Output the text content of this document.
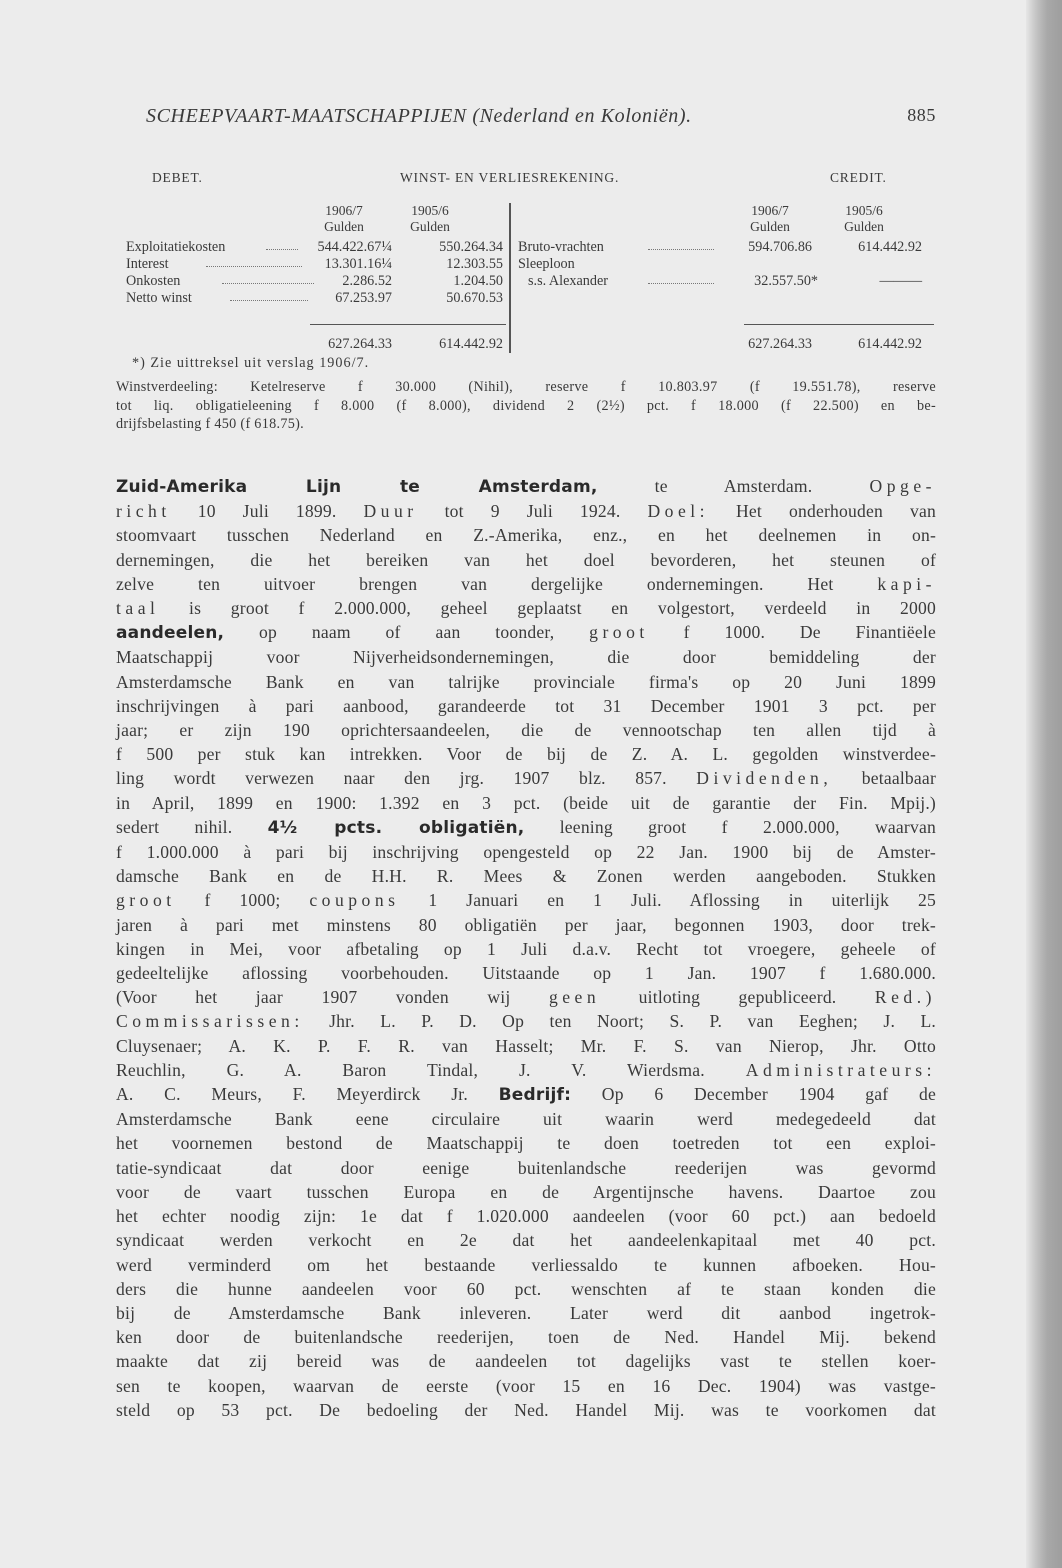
SCHEEPVAART-MAATSCHAPPIJEN (Nederland en Koloniën).	885
DEBET.	WINST- EN VERLIESREKENING.	CREDIT.
1906/7
Gulden
1905/6
Gulden
1906/7
Gulden
1905/6
Gulden
Exploitatiekosten	544.422.67¼	550.264.34
Interest	13.301.16¼	12.303.55
Onkosten	2.286.52	1.204.50
Netto winst	67.253.97	50.670.53
627.264.33	614.442.92
Bruto-vrachten	594.706.86	614.442.92
Sleeploon
s.s. Alexander	32.557.50*	———
627.264.33	614.442.92
*) Zie uittreksel uit verslag 1906/7.
Winstverdeeling: Ketelreserve f 30.000 (Nihil), reserve f 10.803.97 (f 19.551.78), reserve
tot liq. obligatieleening f 8.000 (f 8.000), dividend 2 (2½) pct. f 18.000 (f 22.500) en be-
drijfsbelasting f 450 (f 618.75).
Zuid-Amerika Lijn te Amsterdam, te Amsterdam. Opge-
richt 10 Juli 1899. Duur tot 9 Juli 1924. Doel: Het onderhouden van
stoomvaart tusschen Nederland en Z.-Amerika, enz., en het deelnemen in on-
dernemingen, die het bereiken van het doel bevorderen, het steunen of
zelve ten uitvoer brengen van dergelijke ondernemingen. Het kapi-
taal is groot f 2.000.000, geheel geplaatst en volgestort, verdeeld in 2000
aandeelen, op naam of aan toonder, groot f 1000. De Finantiëele
Maatschappij voor Nijverheidsondernemingen, die door bemiddeling der
Amsterdamsche Bank en van talrijke provinciale firma's op 20 Juni 1899
inschrijvingen à pari aanbood, garandeerde tot 31 December 1901 3 pct. per
jaar; er zijn 190 oprichtersaandeelen, die de vennootschap ten allen tijd à
f 500 per stuk kan intrekken. Voor de bij de Z. A. L. gegolden winstverdee-
ling wordt verwezen naar den jrg. 1907 blz. 857. Dividenden, betaalbaar
in April, 1899 en 1900: 1.392 en 3 pct. (beide uit de garantie der Fin. Mpij.)
sedert nihil. 4½ pcts. obligatiën, leening groot f 2.000.000, waarvan
f 1.000.000 à pari bij inschrijving opengesteld op 22 Jan. 1900 bij de Amster-
damsche Bank en de H.H. R. Mees & Zonen werden aangeboden. Stukken
groot f 1000; coupons 1 Januari en 1 Juli. Aflossing in uiterlijk 25
jaren à pari met minstens 80 obligatiën per jaar, begonnen 1903, door trek-
kingen in Mei, voor afbetaling op 1 Juli d.a.v. Recht tot vroegere, geheele of
gedeeltelijke aflossing voorbehouden. Uitstaande op 1 Jan. 1907 f 1.680.000.
(Voor het jaar 1907 vonden wij geen uitloting gepubliceerd. Red.)
Commissarissen: Jhr. L. P. D. Op ten Noort; S. P. van Eeghen; J. L.
Cluysenaer; A. K. P. F. R. van Hasselt; Mr. F. S. van Nierop, Jhr. Otto
Reuchlin, G. A. Baron Tindal, J. V. Wierdsma. Administrateurs:
A. C. Meurs, F. Meyerdirck Jr. Bedrijf: Op 6 December 1904 gaf de
Amsterdamsche Bank eene circulaire uit waarin werd medegedeeld dat
het voornemen bestond de Maatschappij te doen toetreden tot een exploi-
tatie-syndicaat dat door eenige buitenlandsche reederijen was gevormd
voor de vaart tusschen Europa en de Argentijnsche havens. Daartoe zou
het echter noodig zijn: 1e dat f 1.020.000 aandeelen (voor 60 pct.) aan bedoeld
syndicaat werden verkocht en 2e dat het aandeelenkapitaal met 40 pct.
werd verminderd om het bestaande verliessaldo te kunnen afboeken. Hou-
ders die hunne aandeelen voor 60 pct. wenschten af te staan konden die
bij de Amsterdamsche Bank inleveren. Later werd dit aanbod ingetrok-
ken door de buitenlandsche reederijen, toen de Ned. Handel Mij. bekend
maakte dat zij bereid was de aandeelen tot dagelijks vast te stellen koer-
sen te koopen, waarvan de eerste (voor 15 en 16 Dec. 1904) was vastge-
steld op 53 pct. De bedoeling der Ned. Handel Mij. was te voorkomen dat
